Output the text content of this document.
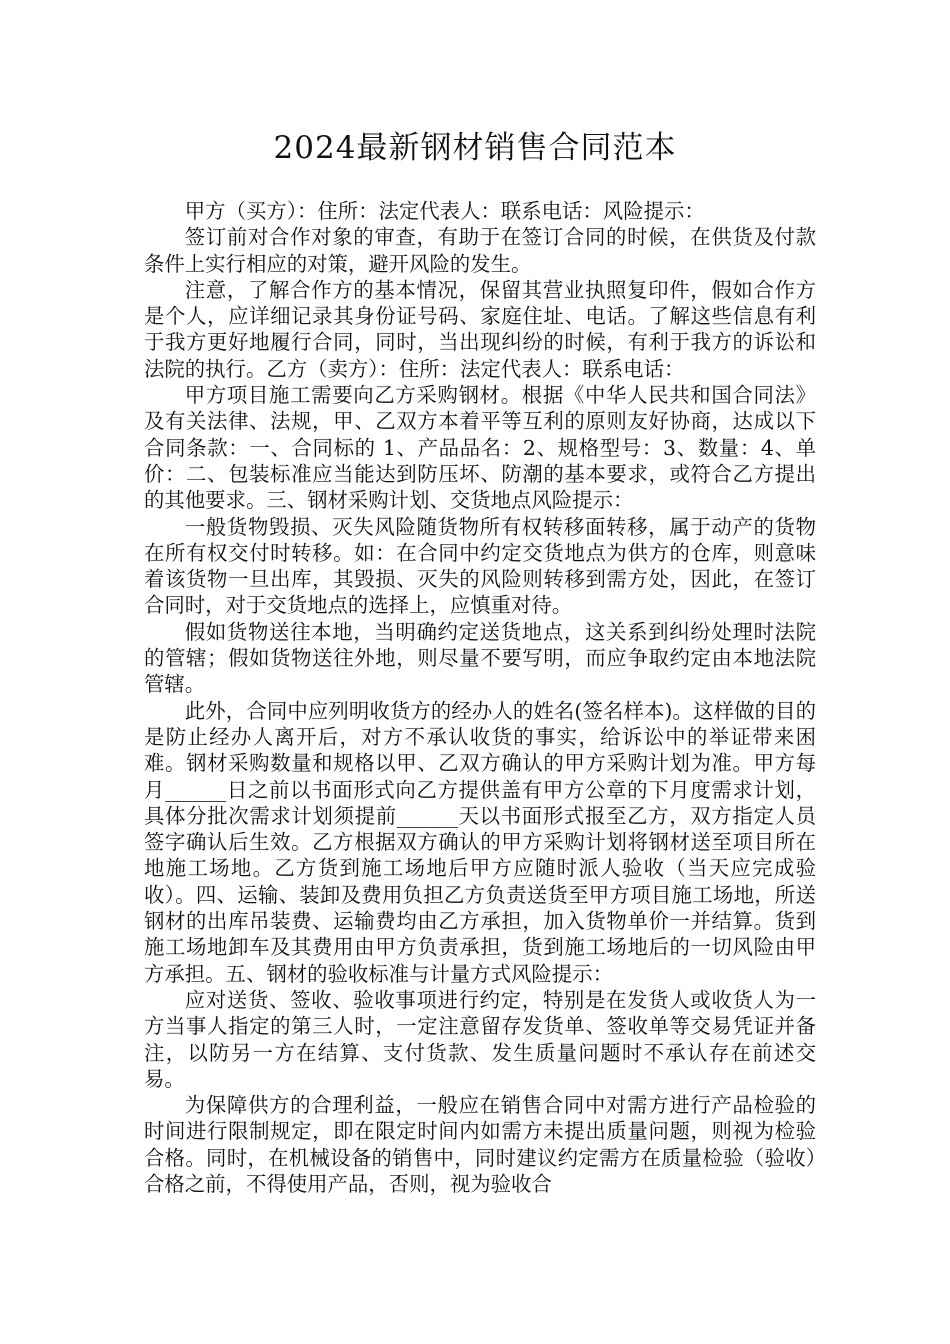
2024最新钢材销售合同范本

甲方（买方）：住所：法定代表人：联系电话：风险提示：

签订前对合作对象的审查，有助于在签订合同的时候，在供货及付款条件上实行相应的对策，避开风险的发生。

注意，了解合作方的基本情况，保留其营业执照复印件，假如合作方是个人，应详细记录其身份证号码、家庭住址、电话。了解这些信息有利于我方更好地履行合同，同时，当出现纠纷的时候，有利于我方的诉讼和法院的执行。乙方（卖方）：住所：法定代表人：联系电话：

甲方项目施工需要向乙方采购钢材。根据《中华人民共和国合同法》及有关法律、法规，甲、乙双方本着平等互利的原则友好协商，达成以下合同条款：一、合同标的 1、产品品名：2、规格型号：3、数量：4、单价：二、包装标准应当能达到防压坏、防潮的基本要求，或符合乙方提出的其他要求。三、钢材采购计划、交货地点风险提示：

一般货物毁损、灭失风险随货物所有权转移面转移，属于动产的货物在所有权交付时转移。如：在合同中约定交货地点为供方的仓库，则意味着该货物一旦出库，其毁损、灭失的风险则转移到需方处，因此，在签订合同时，对于交货地点的选择上，应慎重对待。

假如货物送往本地，当明确约定送货地点，这关系到纠纷处理时法院的管辖；假如货物送往外地，则尽量不要写明，而应争取约定由本地法院管辖。

此外，合同中应列明收货方的经办人的姓名(签名样本)。这样做的目的是防止经办人离开后，对方不承认收货的事实，给诉讼中的举证带来困难。钢材采购数量和规格以甲、乙双方确认的甲方采购计划为准。甲方每月______日之前以书面形式向乙方提供盖有甲方公章的下月度需求计划，具体分批次需求计划须提前______天以书面形式报至乙方，双方指定人员签字确认后生效。乙方根据双方确认的甲方采购计划将钢材送至项目所在地施工场地。乙方货到施工场地后甲方应随时派人验收（当天应完成验收）。四、运输、装卸及费用负担乙方负责送货至甲方项目施工场地，所送钢材的出库吊装费、运输费均由乙方承担，加入货物单价一并结算。货到施工场地卸车及其费用由甲方负责承担，货到施工场地后的一切风险由甲方承担。五、钢材的验收标准与计量方式风险提示：

应对送货、签收、验收事项进行约定，特别是在发货人或收货人为一方当事人指定的第三人时，一定注意留存发货单、签收单等交易凭证并备注，以防另一方在结算、支付货款、发生质量问题时不承认存在前述交易。

为保障供方的合理利益，一般应在销售合同中对需方进行产品检验的时间进行限制规定，即在限定时间内如需方未提出质量问题，则视为检验合格。同时，在机械设备的销售中，同时建议约定需方在质量检验（验收）合格之前，不得使用产品，否则，视为验收合
